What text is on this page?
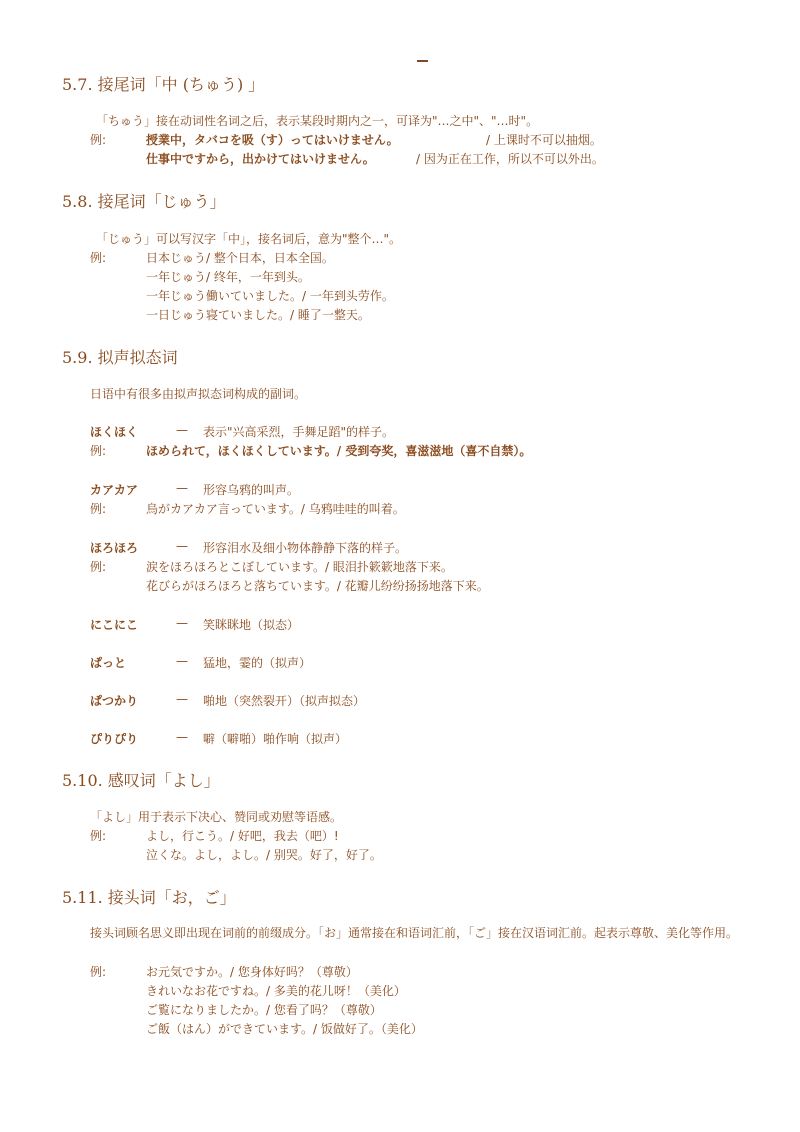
5.7. 接尾词「中 (ちゅう) 」
「ちゅう」接在动词性名词之后，表示某段时期内之一，可译为"…之中"、"…时"。
例:	授業中，タバコを吸（す）ってはいけません。	/ 上课时不可以抽烟。
仕事中ですから，出かけてはいけません。	/ 因为正在工作，所以不可以外出。
5.8. 接尾词「じゅう」
「じゅう」可以写汉字「中」，接名词后，意为"整个…"。
例:	日本じゅう/ 整个日本，日本全国。
一年じゅう/ 终年，一年到头。
一年じゅう働いていました。/ 一年到头劳作。
一日じゅう寝ていました。/ 睡了一整天。
5.9. 拟声拟态词
日语中有很多由拟声拟态词构成的副词。
ほくほく	— 表示"兴高采烈，手舞足蹈"的样子。
例:	ほめられて，ほくほくしています。/ 受到夸奖，喜滋滋地（喜不自禁）。
カアカア	— 形容乌鸦的叫声。
例:	烏がカアカア言っています。/ 乌鸦哇哇的叫着。
ほろほろ	— 形容泪水及细小物体静静下落的样子。
例:	涙をほろほろとこぼしています。/ 眼泪扑簌簌地落下来。
花びらがほろほろと落ちています。/ 花瓣儿纷纷扬扬地落下来。
にこにこ	— 笑眯眯地（拟态）
ぱっと	— 猛地，霎的（拟声）
ぱつかり	— 啪地（突然裂开）（拟声拟态）
ぴりぴり	— 噼（噼啪）啪作响（拟声）
5.10. 感叹词「よし」
「よし」用于表示下决心、赞同或劝慰等语感。
例:	よし，行こう。/ 好吧，我去（吧）!
泣くな。よし，よし。/ 别哭。好了，好了。
5.11. 接头词「お，ご」
接头词顾名思义即出现在词前的前缀成分。「お」通常接在和语词汇前，「ご」接在汉语词汇前。起表示尊敬、美化等作用。
例:	お元気ですか。/ 您身体好吗？（尊敬）
きれいなお花ですね。/ 多美的花儿呀！（美化）
ご覧になりましたか。/ 您看了吗？（尊敬）
ご飯（はん）ができています。/ 饭做好了。（美化）
